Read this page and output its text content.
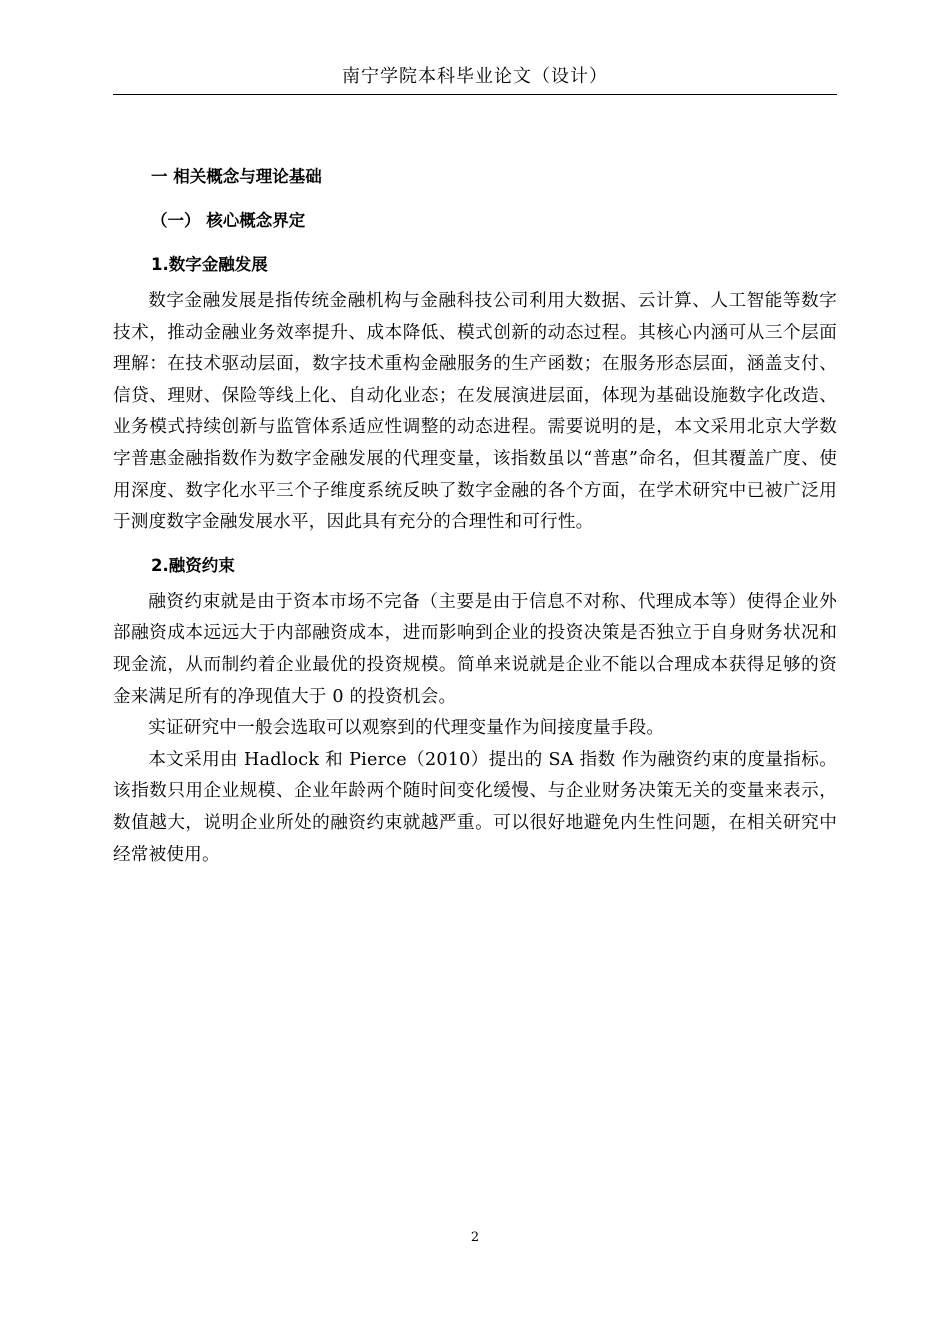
南宁学院本科毕业论文（设计）

一 相关概念与理论基础

（一） 核心概念界定

1.数字金融发展

数字金融发展是指传统金融机构与金融科技公司利用大数据、云计算、人工智能等数字技术，推动金融业务效率提升、成本降低、模式创新的动态过程。其核心内涵可从三个层面理解：在技术驱动层面，数字技术重构金融服务的生产函数；在服务形态层面，涵盖支付、信贷、理财、保险等线上化、自动化业态；在发展演进层面，体现为基础设施数字化改造、业务模式持续创新与监管体系适应性调整的动态进程。需要说明的是，本文采用北京大学数字普惠金融指数作为数字金融发展的代理变量，该指数虽以“普惠”命名，但其覆盖广度、使用深度、数字化水平三个子维度系统反映了数字金融的各个方面，在学术研究中已被广泛用于测度数字金融发展水平，因此具有充分的合理性和可行性。

2.融资约束

融资约束就是由于资本市场不完备（主要是由于信息不对称、代理成本等）使得企业外部融资成本远远大于内部融资成本，进而影响到企业的投资决策是否独立于自身财务状况和现金流，从而制约着企业最优的投资规模。简单来说就是企业不能以合理成本获得足够的资金来满足所有的净现值大于 0 的投资机会。

实证研究中一般会选取可以观察到的代理变量作为间接度量手段。

本文采用由 Hadlock 和 Pierce（2010）提出的 SA 指数 作为融资约束的度量指标。该指数只用企业规模、企业年龄两个随时间变化缓慢、与企业财务决策无关的变量来表示，数值越大，说明企业所处的融资约束就越严重。可以很好地避免内生性问题，在相关研究中经常被使用。

2
